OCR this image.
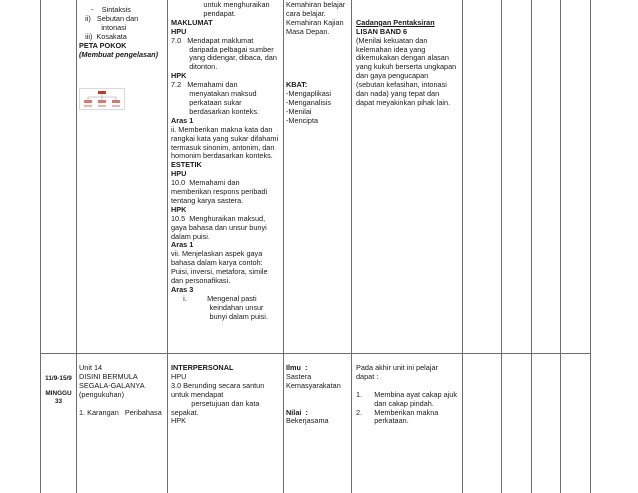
-    Sintaksis
ii)   Sebutan dan
intonasi
iii)  Kosakata
PETA POKOK
(Membuat pengelasan)
untuk menghuraikan
pendapat.
MAKLUMAT
HPU
7.0   Mendapat maklumat
daripada pelbagai sumber
yang didengar, dibaca, dan
ditonton.
HPK
7.2   Memahami dan
menyatakan maksud
perkataan sukar
berdasarkan konteks.
Aras 1
ii. Memberikan makna kata dan
rangkai kata yang sukar difahami
termasuk sinonim, antonim, dan
homonim berdasarkan konteks.
ESTETIK
HPU
10.0  Memahami dan
memberikan respons peribadi
tentang karya sastera.
HPK
10.5  Menghuraikan maksud,
gaya bahasa dan unsur bunyi
dalam puisi.
Aras 1
vii. Menjelaskan aspek gaya
bahasa dalam karya contoh:
Puisi, inversi, metafora, simile
dan personafikasi.
Aras 3
i.          Mengenal pasti
keindahan unsur
bunyi dalam puisi.
Kemahiran belajar
cara belajar.
Kemahiran Kajian
Masa Depan.

KBAT:
-Mengaplikasi
-Menganalisis
-Menilai
-Mencipta

Cadangan Pentaksiran
LISAN BAND 6
(Menilai kekuatan dan
kelemahan idea yang
dikemukakan dengan alasan
yang kukuh berserta ungkapan
dan gaya pengucapan
(sebutan kefasihan, intonasi
dan nada) yang tepat dan
dapat meyakinkan pihak lain.
11/9-15/9
MINGGU
33
Unit 14
DISINI BERMULA
SEGALA-GALANYA
(pengukuhan)

1. Karangan   Peribahasa
INTERPERSONAL
HPU
3.0 Berunding secara santun
untuk mendapat
persetujuan dan kata
sepakat.
HPK
Ilmu  :
Sastera
Kemasyarakatan

Nilai  :
Bekerjasama
Pada akhir unit ini pelajar
dapat :

1.      Membina ayat cakap ajuk
dan cakap pindah.
2.      Memberikan makna
perkataan.
